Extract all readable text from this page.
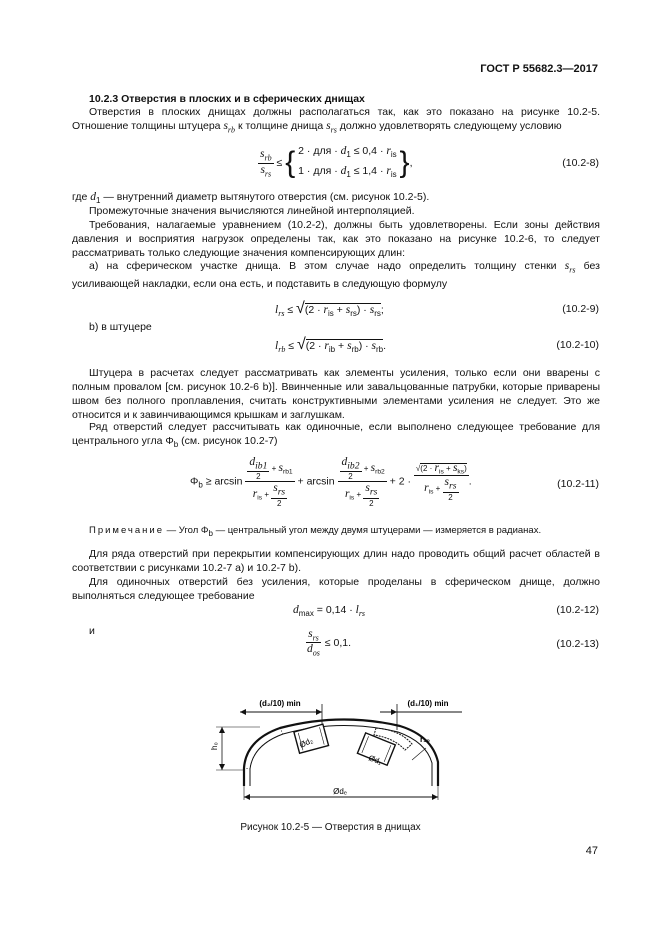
ГОСТ Р 55682.3—2017
10.2.3 Отверстия в плоских и в сферических днищах
Отверстия в плоских днищах должны располагаться так, как это показано на рисунке 10.2-5. Отношение толщины штуцера $s_{rb}$ к толщине днища $s_{rs}$ должно удовлетворять следующему условию
$\frac{s_{rb}}{s_{rs}}$ ≤ { 2 · для · $d_1 \le 0,4 \cdot r_{is}$
1 · для · $d_1 \le 1,4 \cdot r_{is}$ },	(10.2-8)
где $d_1$ — внутренний диаметр вытянутого отверстия (см. рисунок 10.2-5).
Промежуточные значения вычисляются линейной интерполяцией.
Требования, налагаемые уравнением (10.2-2), должны быть удовлетворены. Если зоны действия давления и восприятия нагрузок определены так, как это показано на рисунке 10.2-6, то следует рассматривать только следующие значения компенсирующих длин:
а) на сферическом участке днища. В этом случае надо определить толщину стенки $s_{rs}$ без усиливающей накладки, если она есть, и подставить в следующую формулу
$l_{rs} \le √(2 \cdot r_{is} + s_{rs}) \cdot s_{rs}$;	(10.2-9)
b) в штуцере
$l_{rb} \le √(2 \cdot r_{ib} + s_{rb}) \cdot s_{rb}$.	(10.2-10)
Штуцера в расчетах следует рассматривать как элементы усиления, только если они вварены с полным провалом [см. рисунок 10.2-6 b)]. Ввинченные или завальцованные патрубки, которые приварены швом без полного проплавления, считать конструктивными элементами усиления не следует. Это же относится и к завинчивающимся крышкам и заглушкам.
Ряд отверстий следует рассчитывать как одиночные, если выполнено следующее требование для центрального угла $\Phi_b$ (см. рисунок 10.2-7)
$\Phi_b \ge \arcsin \frac{\frac{d_{ib1}}{2} + s_{rb1}}{r_{is} + \frac{s_{rs}}{2}} + \arcsin \frac{\frac{d_{ib2}}{2} + s_{rb2}}{r_{is} + \frac{s_{rs}}{2}} + 2 \cdot \frac{√(2 \cdot r_{is} + s_{ks})}{r_{is} + \frac{s_{rs}}{2}}$ .	(10.2-11)
Примечание — Угол $\Phi_b$ — центральный угол между двумя штуцерами — измеряется в радианах.
Для ряда отверстий при перекрытии компенсирующих длин надо проводить общий расчет областей в соответствии с рисунками 10.2-7 a) и 10.2-7 b).
Для одиночных отверстий без усиления, которые проделаны в сферическом днище, должно выполняться следующее требование
$d_{max} = 0,14 \cdot l_{rs}$	(10.2-12)
и	$\frac{s_{rs}}{d_{os}} \le 0,1$.	(10.2-13)
(d₂/10) min	(d₁/10) min
h₀	Ød₂
Ød₁
r₁₀
Ødₑ
Рисунок 10.2-5 — Отверстия в днищах
47
